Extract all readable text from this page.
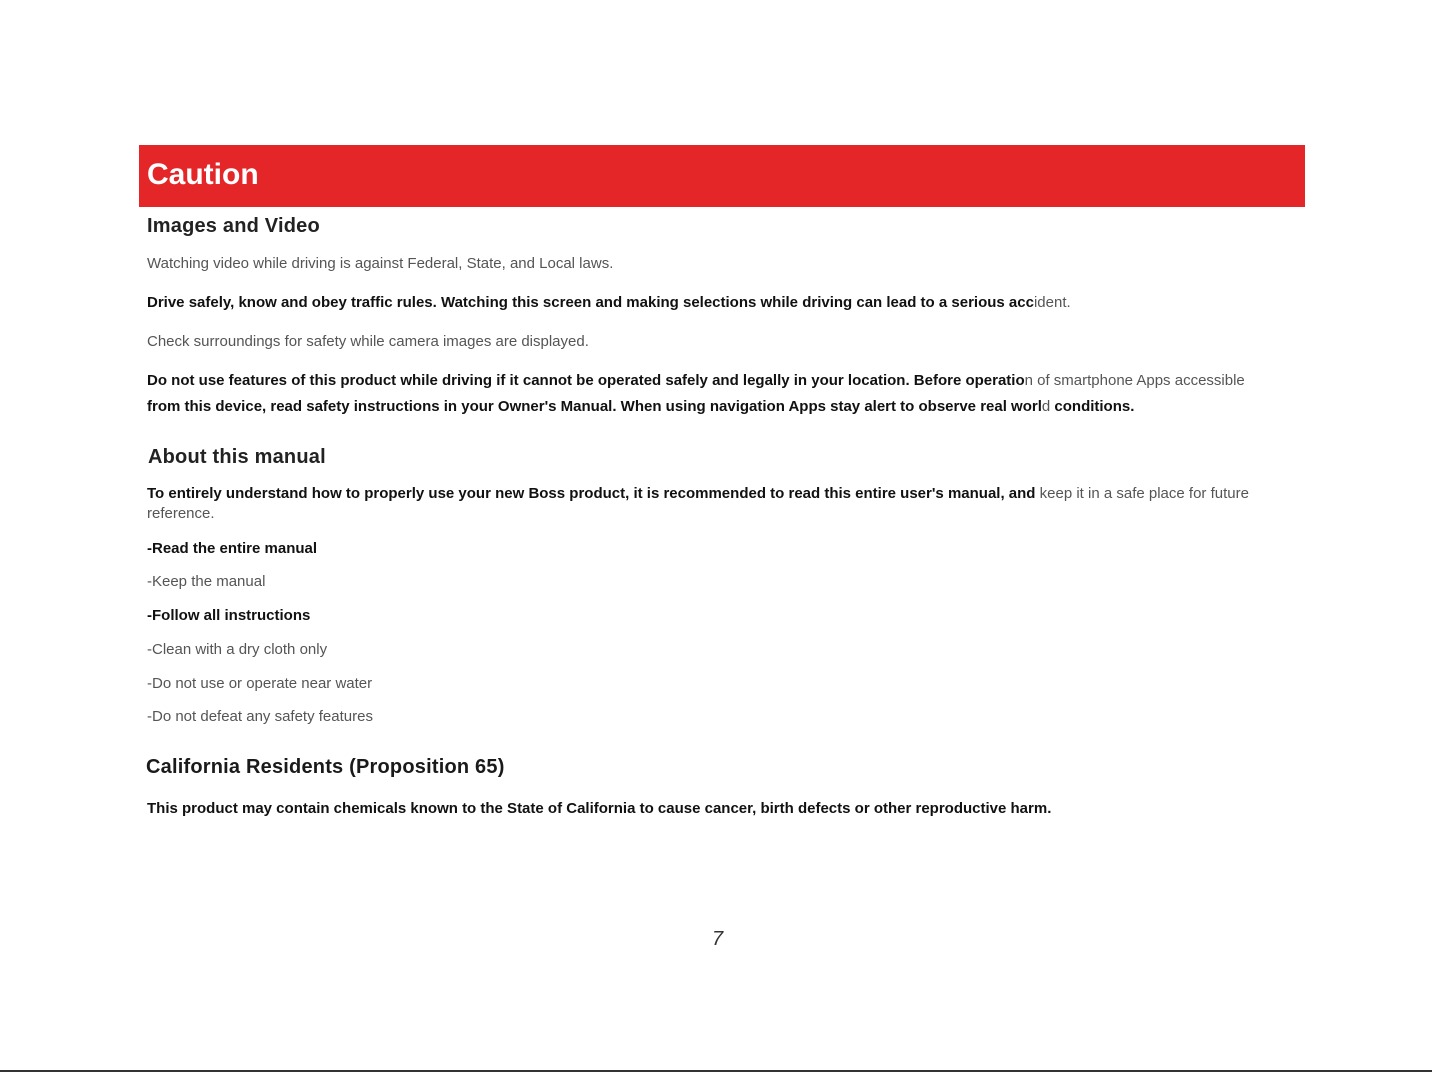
Caution
Images and Video
Watching video while driving is against Federal, State, and Local laws.
Drive safely, know and obey traffic rules. Watching this screen and making selections while driving can lead to a serious accident.
Check surroundings for safety while camera images are displayed.
Do not use features of this product while driving if it cannot be operated safely and legally in your location. Before operation of smartphone Apps accessible
from this device, read safety instructions in your Owner's Manual. When using navigation Apps stay alert to observe real world conditions.
About this manual
To entirely understand how to properly use your new Boss product, it is recommended to read this entire user's manual, and keep it in a safe place for future reference.
-Read the entire manual
-Keep the manual
-Follow all instructions
-Clean with a dry cloth only
-Do not use or operate near water
-Do not defeat any safety features
California Residents (Proposition 65)
This product may contain chemicals known to the State of California to cause cancer, birth defects or other reproductive harm.
7
